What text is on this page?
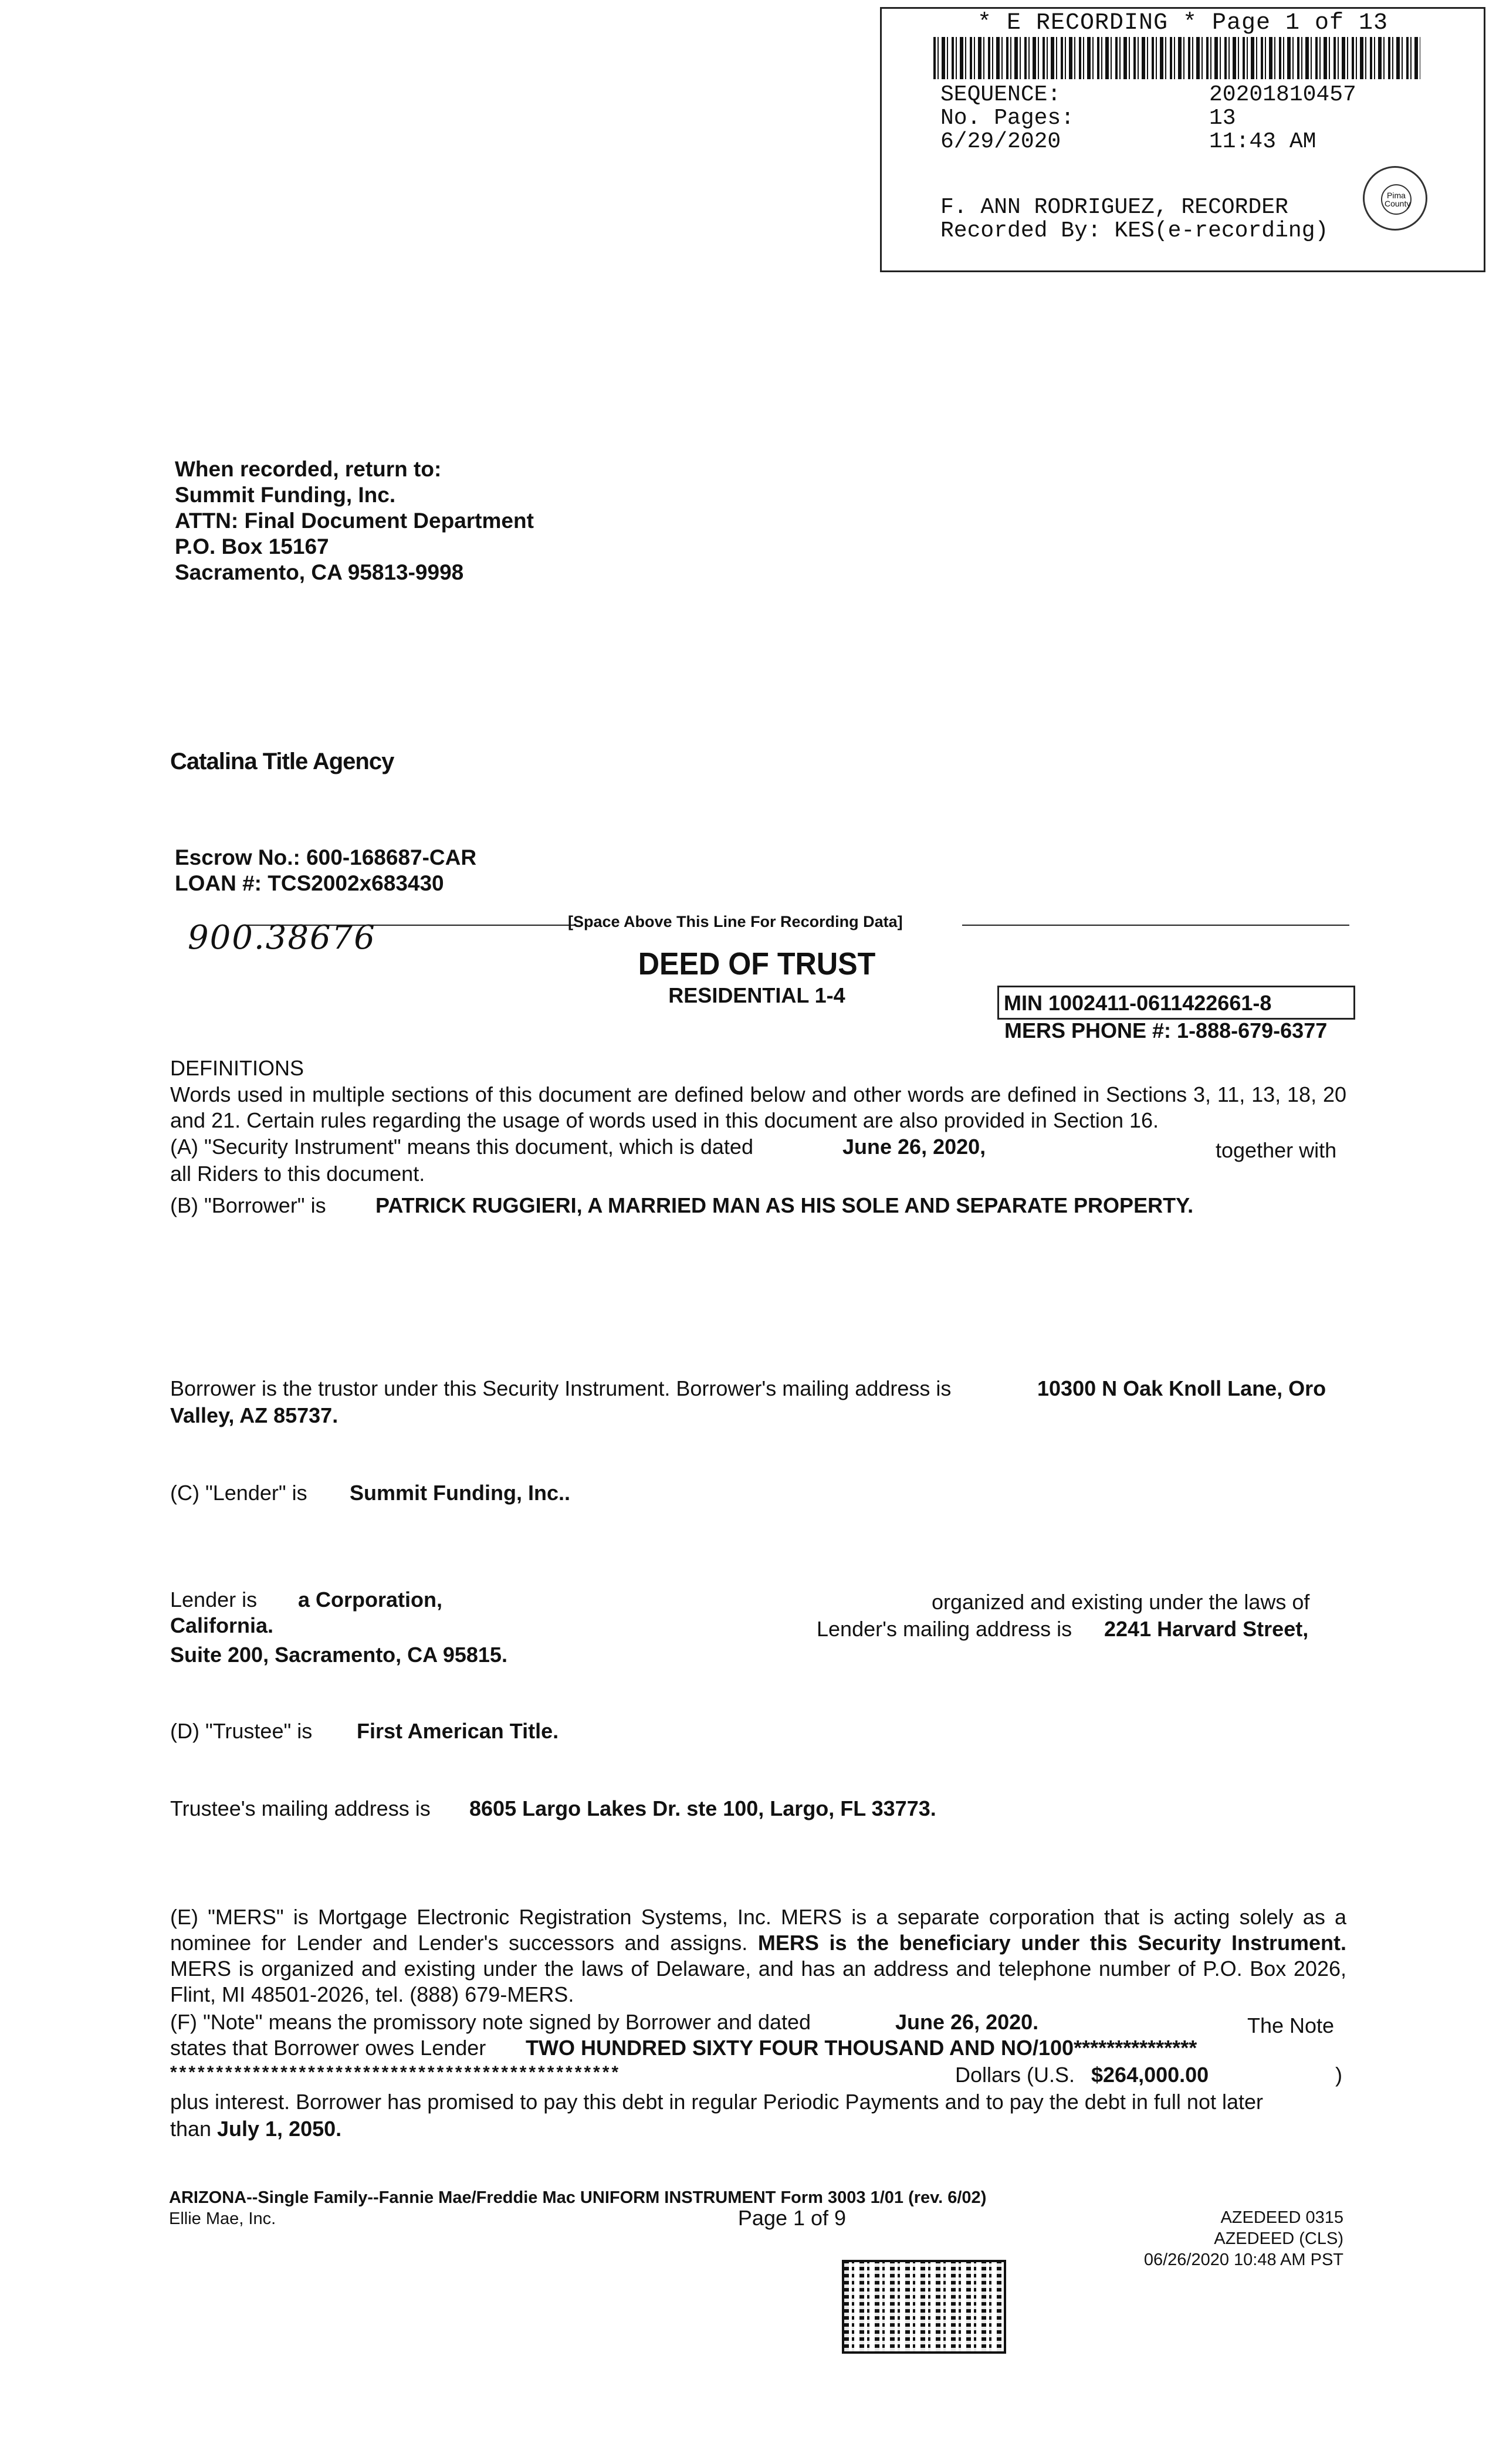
* E RECORDING * Page 1 of 13
SEQUENCE:	20201810457
No. Pages:	13
6/29/2020	11:43 AM
F. ANN RODRIGUEZ, RECORDER
Recorded By: KES(e-recording)
Pima County
When recorded, return to:
Summit Funding, Inc.
ATTN: Final Document Department
P.O. Box 15167
Sacramento, CA 95813-9998
Catalina Title Agency
Escrow No.: 600-168687-CAR
LOAN #: TCS2002x683430
900.38676	[Space Above This Line For Recording Data]
DEED OF TRUST
RESIDENTIAL 1-4	MIN 1002411-0611422661-8
MERS PHONE #: 1-888-679-6377
DEFINITIONS
Words used in multiple sections of this document are defined below and other words are defined in Sections 3, 11, 13, 18, 20 and 21. Certain rules regarding the usage of words used in this document are also provided in Section 16.
(A) "Security Instrument" means this document, which is dated	June 26, 2020,	together with
all Riders to this document.
(B) "Borrower" is PATRICK RUGGIERI, A MARRIED MAN AS HIS SOLE AND SEPARATE PROPERTY.
Borrower is the trustor under this Security Instrument. Borrower's mailing address is	10300 N Oak Knoll Lane, Oro
Valley, AZ 85737.
(C) "Lender" is Summit Funding, Inc..
Lender is a Corporation,	organized and existing under the laws of
California.	Lender's mailing address is 2241 Harvard Street,
Suite 200, Sacramento, CA 95815.
(D) "Trustee" is First American Title.
Trustee's mailing address is 8605 Largo Lakes Dr. ste 100, Largo, FL 33773.
(E) "MERS" is Mortgage Electronic Registration Systems, Inc. MERS is a separate corporation that is acting solely as a nominee for Lender and Lender's successors and assigns. MERS is the beneficiary under this Security Instrument. MERS is organized and existing under the laws of Delaware, and has an address and telephone number of P.O. Box 2026, Flint, MI 48501-2026, tel. (888) 679-MERS.
(F) "Note" means the promissory note signed by Borrower and dated	June 26, 2020.	The Note
states that Borrower owes Lender TWO HUNDRED SIXTY FOUR THOUSAND AND NO/100***************
*************************************************	Dollars (U.S. $264,000.00	)
plus interest. Borrower has promised to pay this debt in regular Periodic Payments and to pay the debt in full not later
than July 1, 2050.
ARIZONA--Single Family--Fannie Mae/Freddie Mac UNIFORM INSTRUMENT Form 3003 1/01 (rev. 6/02)
Ellie Mae, Inc.	Page 1 of 9	AZEDEED 0315
AZEDEED (CLS)
06/26/2020 10:48 AM PST
